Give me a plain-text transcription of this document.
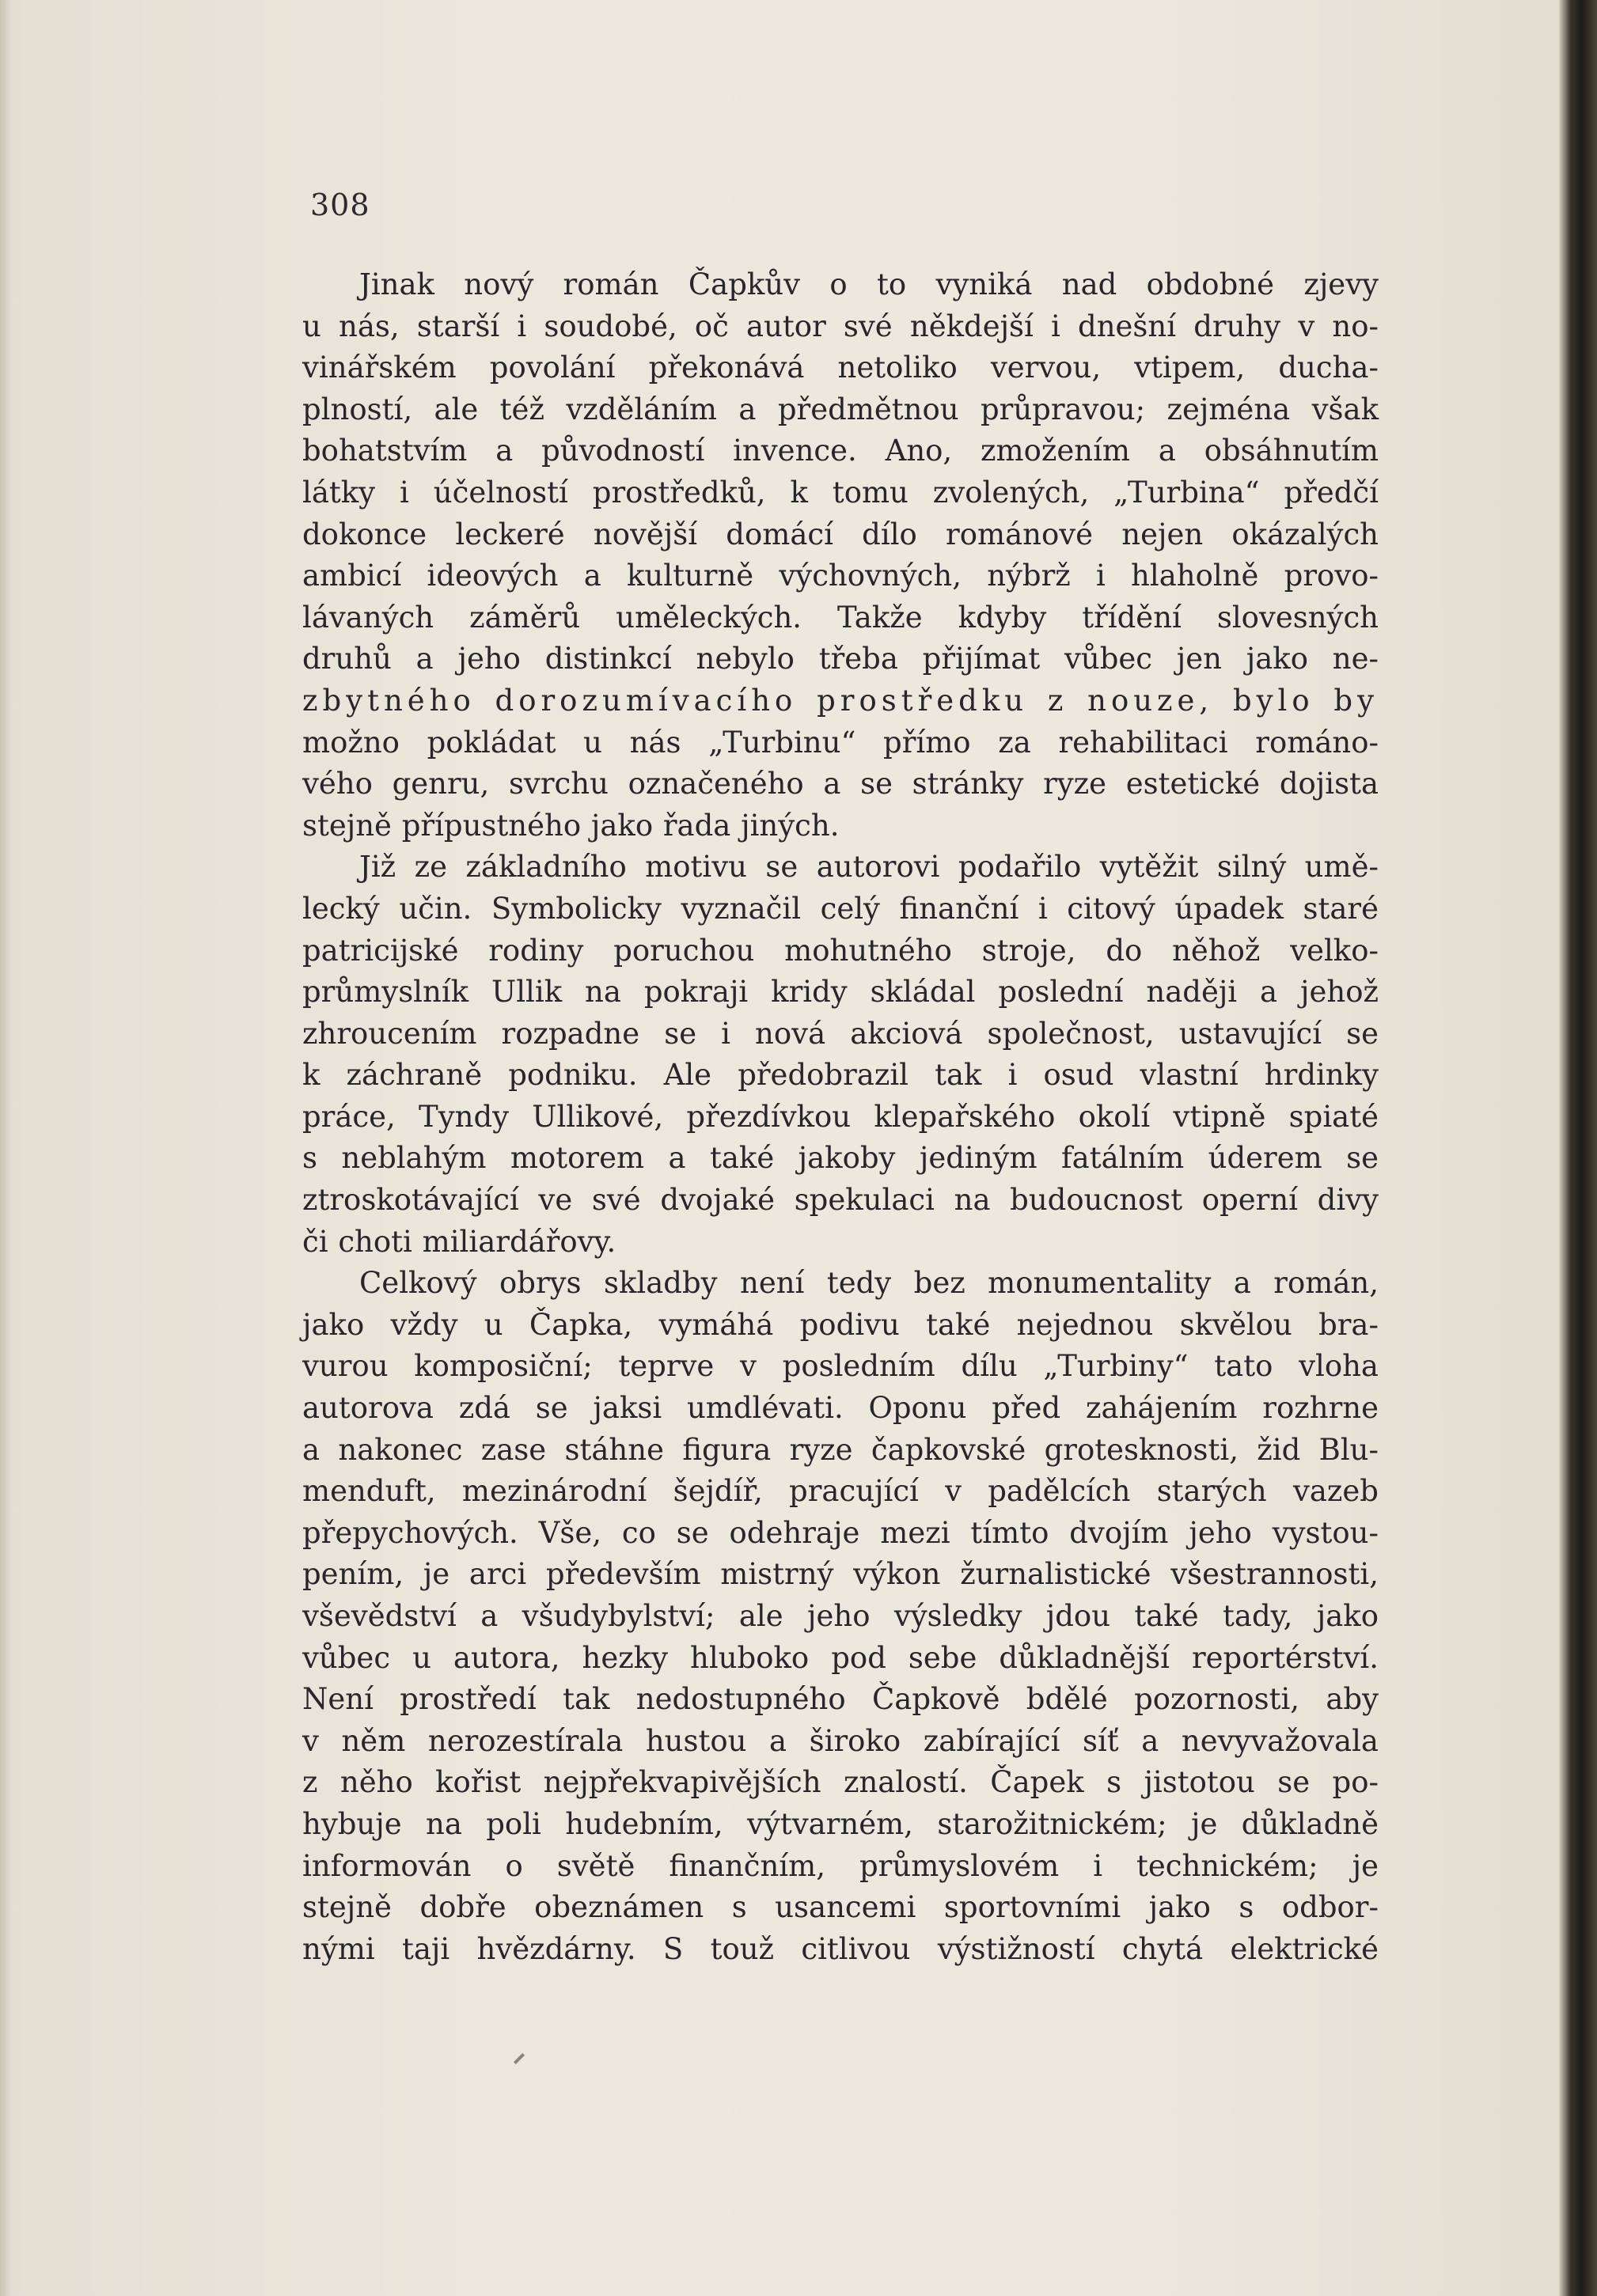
308
Jinak nový román Čapkův o to vyniká nad obdobné zjevy
u nás, starší i soudobé, oč autor své někdejší i dnešní druhy v no-
vinářském povolání překonává netoliko vervou, vtipem, ducha-
plností, ale též vzděláním a předmětnou průpravou; zejména však
bohatstvím a původností invence. Ano, zmožením a obsáhnutím
látky i účelností prostředků, k tomu zvolených, „Turbina“ předčí
dokonce leckeré novější domácí dílo románové nejen okázalých
ambicí ideových a kulturně výchovných, nýbrž i hlaholně provo-
lávaných záměrů uměleckých. Takže kdyby třídění slovesných
druhů a jeho distinkcí nebylo třeba přijímat vůbec jen jako ne-
zbytného dorozumívacího prostředku z nouze, bylo by
možno pokládat u nás „Turbinu“ přímo za rehabilitaci románo-
vého genru, svrchu označeného a se stránky ryze estetické dojista
stejně přípustného jako řada jiných.
Již ze základního motivu se autorovi podařilo vytěžit silný umě-
lecký učin. Symbolicky vyznačil celý finanční i citový úpadek staré
patricijské rodiny poruchou mohutného stroje, do něhož velko-
průmyslník Ullik na pokraji kridy skládal poslední naději a jehož
zhroucením rozpadne se i nová akciová společnost, ustavující se
k záchraně podniku. Ale předobrazil tak i osud vlastní hrdinky
práce, Tyndy Ullikové, přezdívkou klepařského okolí vtipně spiaté
s neblahým motorem a také jakoby jediným fatálním úderem se
ztroskotávající ve své dvojaké spekulaci na budoucnost operní divy
či choti miliardářovy.
Celkový obrys skladby není tedy bez monumentality a román,
jako vždy u Čapka, vymáhá podivu také nejednou skvělou bra-
vurou komposiční; teprve v posledním dílu „Turbiny“ tato vloha
autorova zdá se jaksi umdlévati. Oponu před zahájením rozhrne
a nakonec zase stáhne figura ryze čapkovské grotesknosti, žid Blu-
menduft, mezinárodní šejdíř, pracující v padělcích starých vazeb
přepychových. Vše, co se odehraje mezi tímto dvojím jeho vystou-
pením, je arci především mistrný výkon žurnalistické všestrannosti,
vševědství a všudybylství; ale jeho výsledky jdou také tady, jako
vůbec u autora, hezky hluboko pod sebe důkladnější reportérství.
Není prostředí tak nedostupného Čapkově bdělé pozornosti, aby
v něm nerozestírala hustou a široko zabírající síť a nevyvažovala
z něho kořist nejpřekvapivějších znalostí. Čapek s jistotou se po-
hybuje na poli hudebním, výtvarném, starožitnickém; je důkladně
informován o světě finančním, průmyslovém i technickém; je
stejně dobře obeznámen s usancemi sportovními jako s odbor-
nými taji hvězdárny. S touž citlivou výstižností chytá elektrické
